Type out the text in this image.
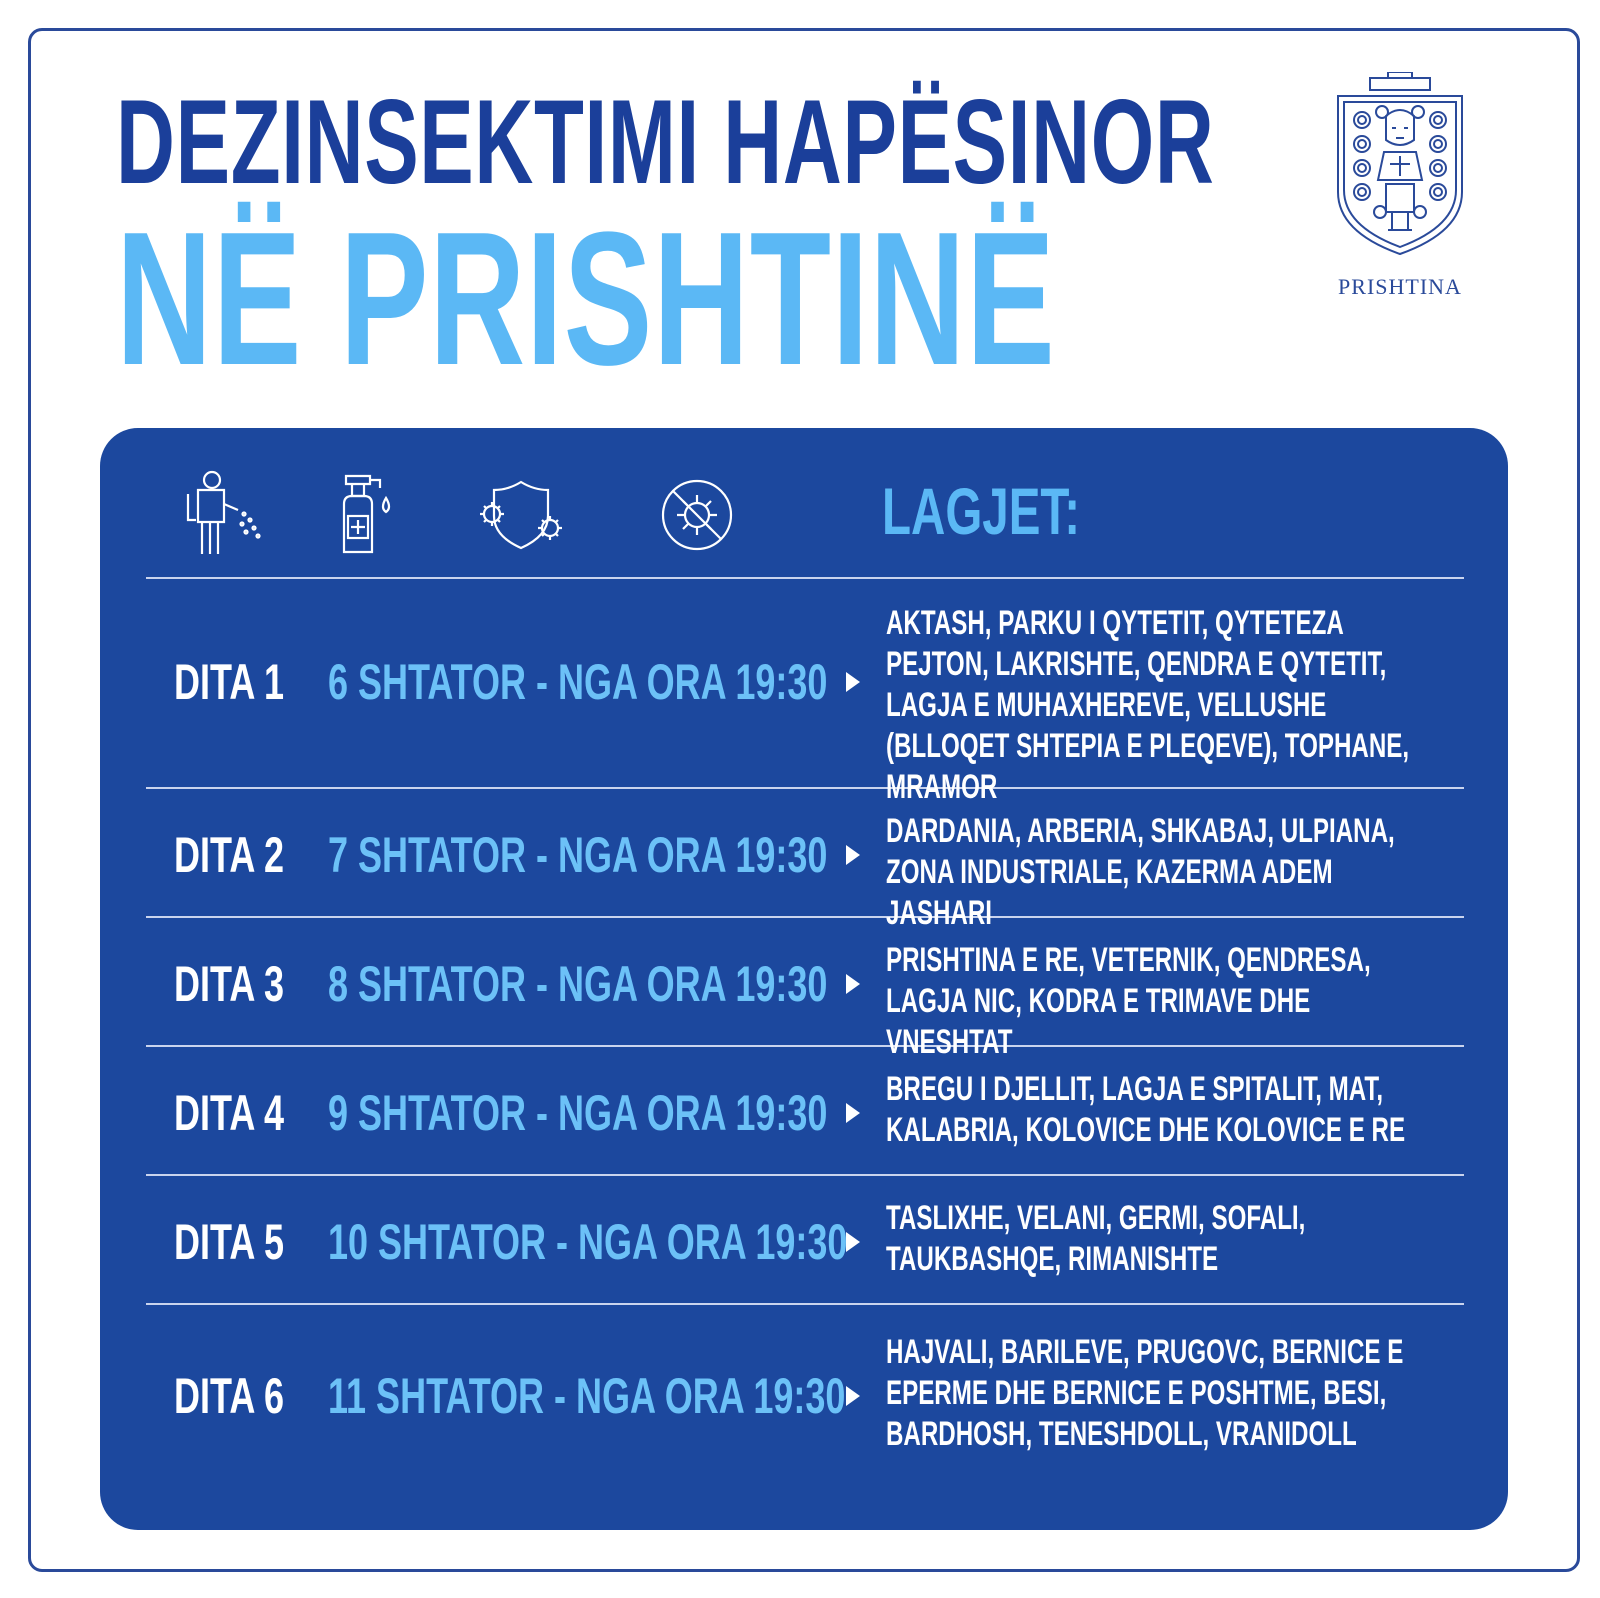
DEZINSEKTIMI HAPËSINOR
NË PRISHTINË	PRISHTINA
LAGJET:
DITA 1 6 SHTATOR - NGA ORA 19:30
AKTASH, PARKU I QYTETIT, QYTETEZA PEJTON, LAKRISHTE, QENDRA E QYTETIT, LAGJA E MUHAXHEREVE, VELLUSHE (BLLOQET SHTEPIA E PLEQEVE), TOPHANE, MRAMOR
DITA 2 7 SHTATOR - NGA ORA 19:30 DARDANIA, ARBERIA, SHKABAJ, ULPIANA, ZONA INDUSTRIALE, KAZERMA ADEM JASHARI
DITA 3 8 SHTATOR - NGA ORA 19:30 PRISHTINA E RE, VETERNIK, QENDRESA, LAGJA NIC, KODRA E TRIMAVE DHE VNESHTAT
DITA 4 9 SHTATOR - NGA ORA 19:30 BREGU I DJELLIT, LAGJA E SPITALIT, MAT, KALABRIA, KOLOVICE DHE KOLOVICE E RE
DITA 5 10 SHTATOR - NGA ORA 19:30 TASLIXHE, VELANI, GERMI, SOFALI, TAUKBASHQE, RIMANISHTE
DITA 6 11 SHTATOR - NGA ORA 19:30
HAJVALI, BARILEVE, PRUGOVC, BERNICE E EPERME DHE BERNICE E POSHTME, BESI, BARDHOSH, TENESHDOLL, VRANIDOLL
